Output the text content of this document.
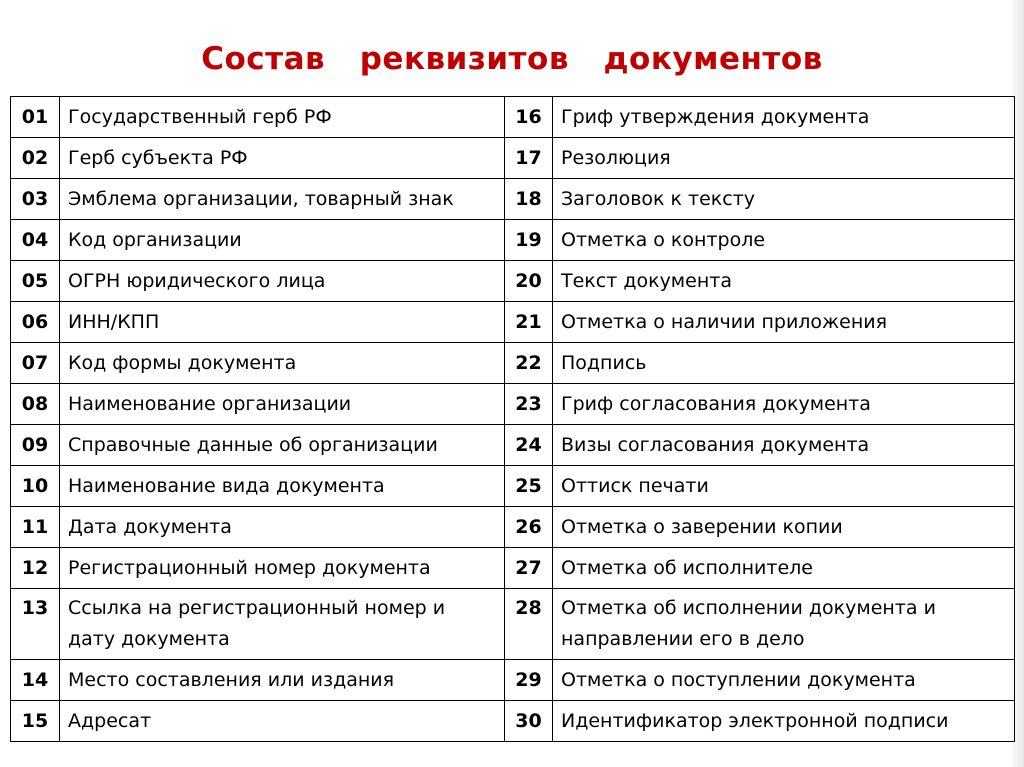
Состав  реквизитов  документов
01	Государственный герб РФ	16	Гриф утверждения документа
02	Герб субъекта РФ	17	Резолюция
03	Эмблема организации, товарный знак	18	Заголовок к тексту
04	Код организации	19	Отметка о контроле
05	ОГРН юридического лица	20	Текст документа
06	ИНН/КПП	21	Отметка о наличии приложения
07	Код формы документа	22	Подпись
08	Наименование организации	23	Гриф согласования документа
09	Справочные данные об организации	24	Визы согласования документа
10	Наименование вида документа	25	Оттиск печати
11	Дата документа	26	Отметка о заверении копии
12	Регистрационный номер документа	27	Отметка об исполнителе
13	Ссылка на регистрационный номер и дату документа	28	Отметка об исполнении документа и направлении его в дело
14	Место составления или издания	29	Отметка о поступлении документа
15	Адресат	30	Идентификатор электронной подписи
